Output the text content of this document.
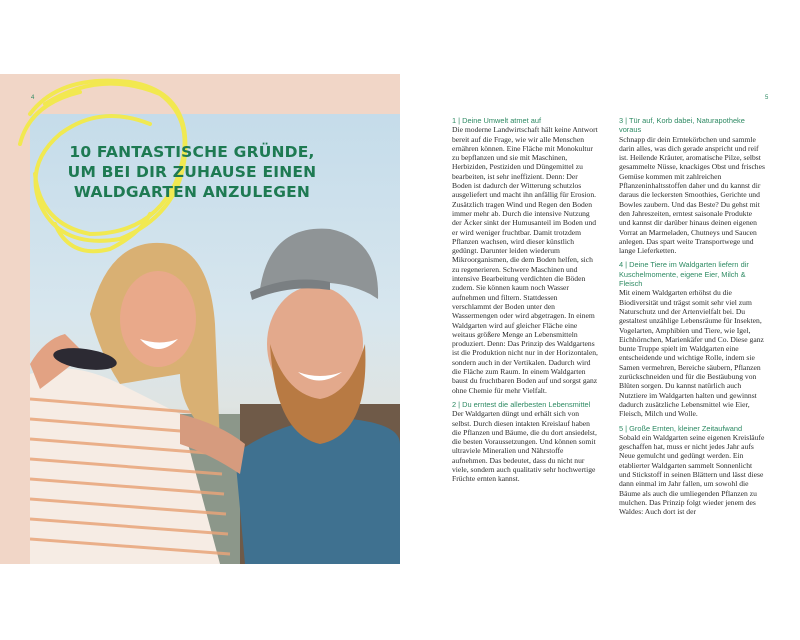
4
10 FANTASTISCHE GRÜNDE,
UM BEI DIR ZUHAUSE EINEN
WALDGARTEN ANZULEGEN
5
1 | Deine Umwelt atmet auf
Die moderne Landwirtschaft hält keine Antwort bereit auf die Frage, wie wir alle Menschen ernähren können. Eine Fläche mit Monokultur zu bepflanzen und sie mit Maschinen, Herbiziden, Pestiziden und Düngemittel zu bearbeiten, ist sehr ineffizient. Denn: Der Boden ist dadurch der Witterung schutzlos ausgeliefert und macht ihn anfällig für Erosion. Zusätzlich tragen Wind und Regen den Boden immer mehr ab. Durch die intensive Nutzung der Äcker sinkt der Humusanteil im Boden und er wird weniger fruchtbar. Damit trotzdem Pflanzen wachsen, wird dieser künstlich gedüngt. Darunter leiden wiederum Mikroorganismen, die dem Boden helfen, sich zu regenerieren. Schwere Maschinen und intensive Bearbeitung verdichten die Böden zudem. Sie können kaum noch Wasser aufnehmen und filtern. Stattdessen verschlammt der Boden unter den Wassermengen oder wird abgetragen. In einem Waldgarten wird auf gleicher Fläche eine weitaus größere Menge an Lebensmitteln produziert. Denn: Das Prinzip des Waldgartens ist die Produktion nicht nur in der Horizontalen, sondern auch in der Vertikalen. Dadurch wird die Fläche zum Raum. In einem Waldgarten baust du fruchtbaren Boden auf und sorgst ganz ohne Chemie für mehr Vielfalt.
2 | Du erntest die allerbesten Lebensmittel
Der Waldgarten düngt und erhält sich von selbst. Durch diesen intakten Kreislauf haben die Pflanzen und Bäume, die du dort ansiedelst, die besten Voraussetzungen. Und können somit ultraviele Mineralien und Nährstoffe aufnehmen. Das bedeutet, dass du nicht nur viele, sondern auch qualitativ sehr hochwertige Früchte ernten kannst.
3 | Tür auf, Korb dabei, Naturapotheke voraus
Schnapp dir dein Erntekörbchen und sammle darin alles, was dich gerade anspricht und reif ist. Heilende Kräuter, aromatische Pilze, selbst gesammelte Nüsse, knackiges Obst und frisches Gemüse kommen mit zahlreichen Pflanzeninhaltsstoffen daher und du kannst dir daraus die leckersten Smoothies, Gerichte und Bowles zaubern. Und das Beste? Du gehst mit den Jahreszeiten, erntest saisonale Produkte und kannst dir darüber hinaus deinen eigenen Vorrat an Marmeladen, Chutneys und Saucen anlegen. Das spart weite Transportwege und lange Lieferketten.
4 | Deine Tiere im Waldgarten liefern dir Kuschelmomente, eigene Eier, Milch & Fleisch
Mit einem Waldgarten erhöhst du die Biodiversität und trägst somit sehr viel zum Naturschutz und der Artenvielfalt bei. Du gestaltest unzählige Lebensräume für Insekten, Vogelarten, Amphibien und Tiere, wie Igel, Eichhörnchen, Marienkäfer und Co. Diese ganz bunte Truppe spielt im Waldgarten eine entscheidende und wichtige Rolle, indem sie Samen vermehren, Bereiche säubern, Pflanzen zurückschneiden und für die Bestäubung von Blüten sorgen. Du kannst natürlich auch Nutztiere im Waldgarten halten und gewinnst dadurch zusätzliche Lebensmittel wie Eier, Fleisch, Milch und Wolle.
5 | Große Ernten, kleiner Zeitaufwand
Sobald ein Waldgarten seine eigenen Kreisläufe geschaffen hat, muss er nicht jedes Jahr aufs Neue gemulcht und gedüngt werden. Ein etablierter Waldgarten sammelt Sonnenlicht und Stickstoff in seinen Blättern und lässt diese dann einmal im Jahr fallen, um sowohl die Bäume als auch die umliegenden Pflanzen zu mulchen. Das Prinzip folgt wieder jenem des Waldes: Auch dort ist der
